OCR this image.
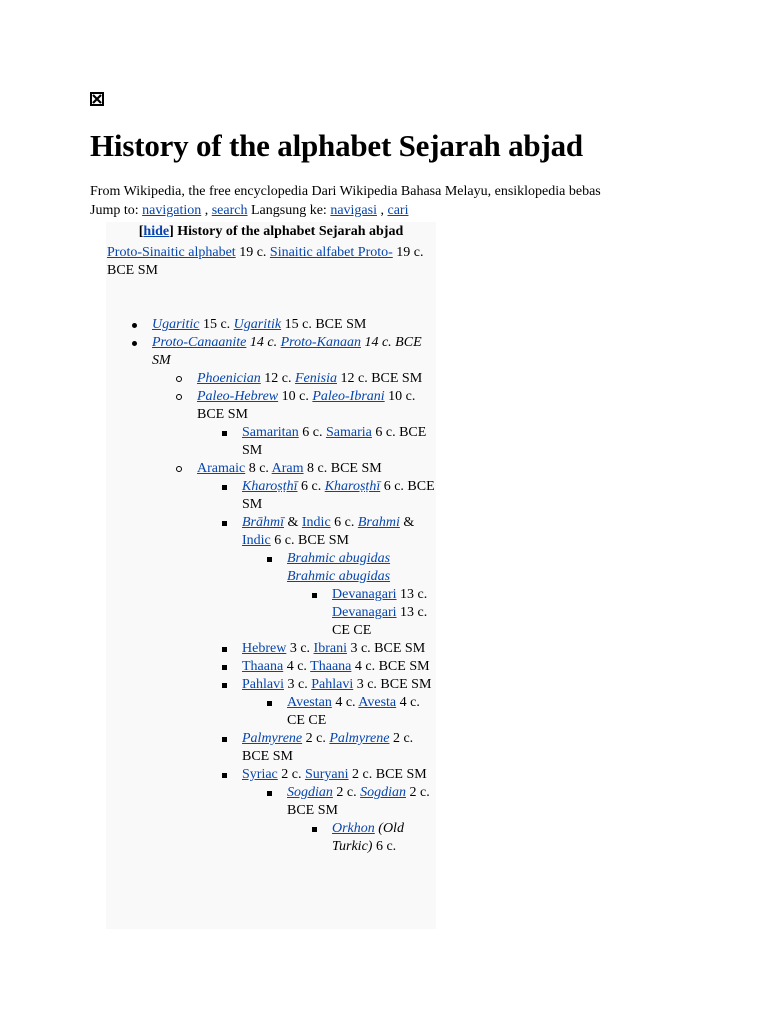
History of the alphabet Sejarah abjad
From Wikipedia, the free encyclopedia Dari Wikipedia Bahasa Melayu, ensiklopedia bebas
Jump to: navigation , search Langsung ke: navigasi , cari
[hide] History of the alphabet Sejarah abjad
Proto-Sinaitic alphabet 19 c. Sinaitic alfabet Proto- 19 c. BCE SM
Ugaritic 15 c. Ugaritik 15 c. BCE SM
Proto-Canaanite 14 c. Proto-Kanaan 14 c. BCE SM
Phoenician 12 c. Fenisia 12 c. BCE SM
Paleo-Hebrew 10 c. Paleo-Ibrani 10 c. BCE SM
Samaritan 6 c. Samaria 6 c. BCE SM
Aramaic 8 c. Aram 8 c. BCE SM
Kharoṣṭhī 6 c. Kharoṣṭhī 6 c. BCE SM
Brāhmī & Indic 6 c. Brahmi & Indic 6 c. BCE SM
Brahmic abugidas Brahmic abugidas
Devanagari 13 c. Devanagari 13 c. CE CE
Hebrew 3 c. Ibrani 3 c. BCE SM
Thaana 4 c. Thaana 4 c. BCE SM
Pahlavi 3 c. Pahlavi 3 c. BCE SM
Avestan 4 c. Avesta 4 c. CE CE
Palmyrene 2 c. Palmyrene 2 c. BCE SM
Syriac 2 c. Suryani 2 c. BCE SM
Sogdian 2 c. Sogdian 2 c. BCE SM
Orkhon (Old Turkic) 6 c.
